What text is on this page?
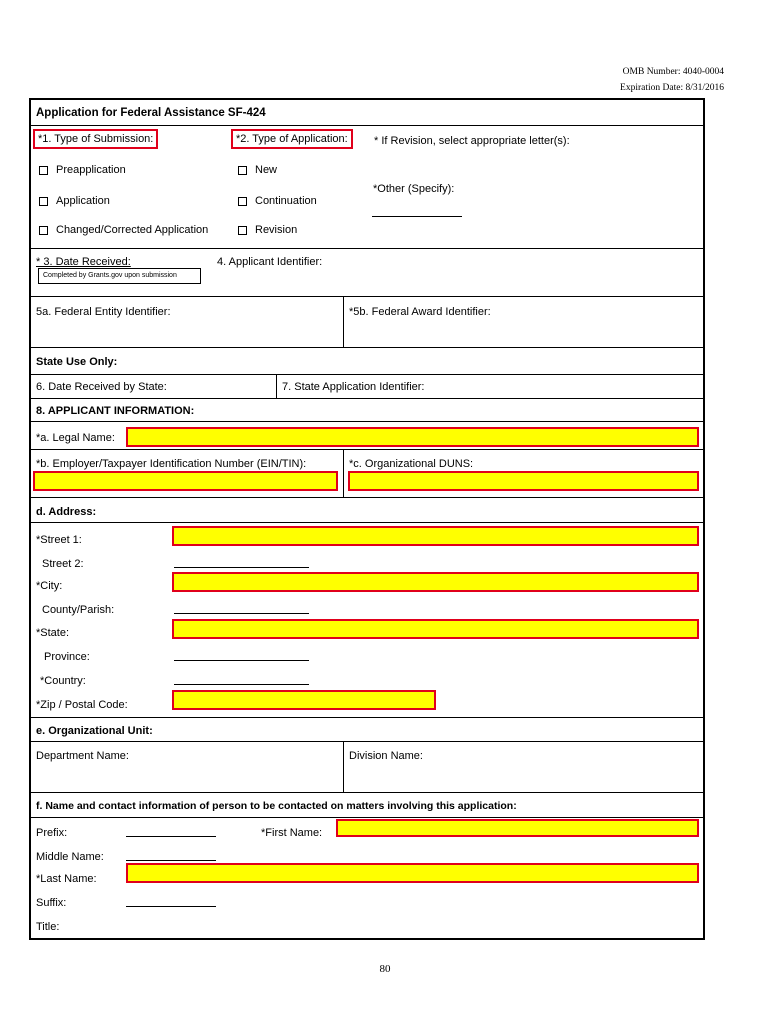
OMB Number: 4040-0004
Expiration Date: 8/31/2016
Application for Federal Assistance SF-424
*1. Type of Submission:	*2. Type of Application:	* If Revision, select appropriate letter(s):
Preapplication
Application
Changed/Corrected Application
New
Continuation
Revision
*Other (Specify):
* 3. Date Received:
Completed by Grants.gov upon submission
4. Applicant Identifier:
5a. Federal Entity Identifier:	*5b. Federal Award Identifier:
State Use Only:
6. Date Received by State:	7. State Application Identifier:
8. APPLICANT INFORMATION:
*a. Legal Name:
*b. Employer/Taxpayer Identification Number (EIN/TIN):	*c. Organizational DUNS:
d. Address:
*Street 1:
Street 2:
*City:
County/Parish:
*State:
Province:
*Country:
*Zip / Postal Code:
e. Organizational Unit:
Department Name:	Division Name:
f. Name and contact information of person to be contacted on matters involving this application:
Prefix:	*First Name:
Middle Name:
*Last Name:
Suffix:
Title:
80
